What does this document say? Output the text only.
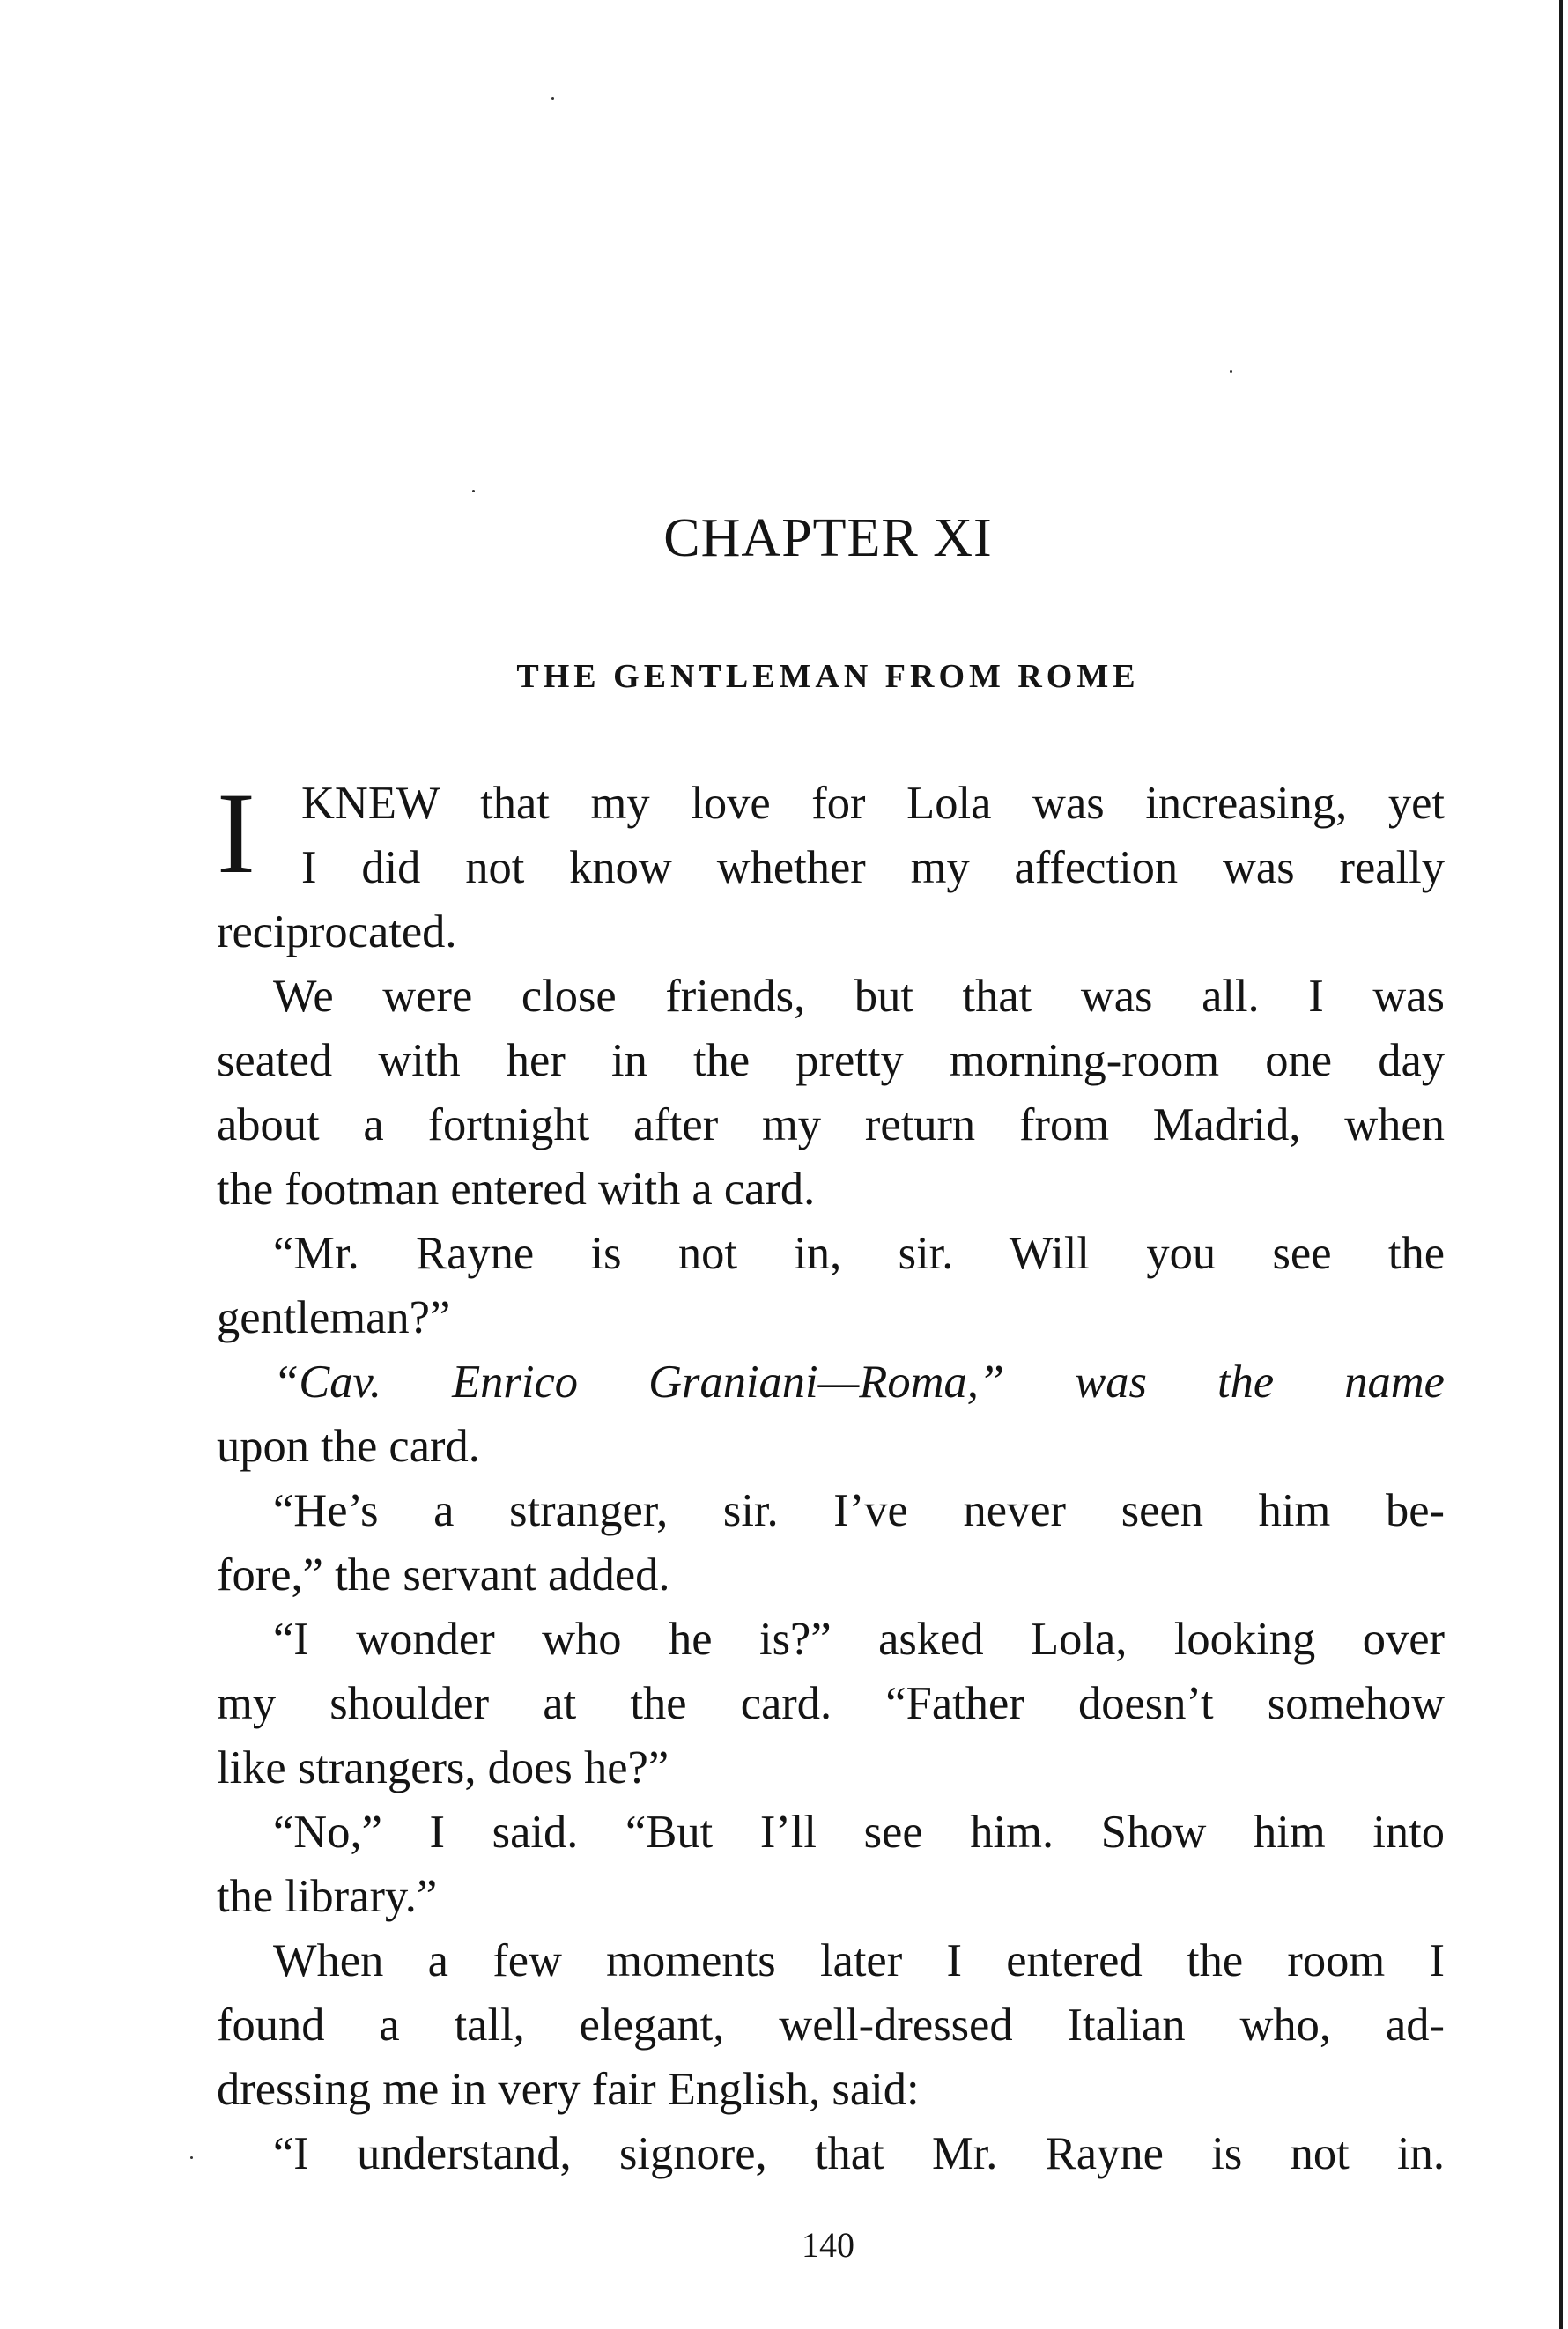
CHAPTER XI
THE GENTLEMAN FROM ROME
I KNEW that my love for Lola was increasing, yet
I did not know whether my affection was really
reciprocated.
We were close friends, but that was all. I was
seated with her in the pretty morning-room one day
about a fortnight after my return from Madrid, when
the footman entered with a card.
“Mr. Rayne is not in, sir. Will you see the
gentleman?”
“Cav. Enrico Graniani—Roma,” was the name
upon the card.
“He’s a stranger, sir. I’ve never seen him be-
fore,” the servant added.
“I wonder who he is?” asked Lola, looking over
my shoulder at the card. “Father doesn’t somehow
like strangers, does he?”
“No,” I said. “But I’ll see him. Show him into
the library.”
When a few moments later I entered the room I
found a tall, elegant, well-dressed Italian who, ad-
dressing me in very fair English, said:
“I understand, signore, that Mr. Rayne is not in.

140
